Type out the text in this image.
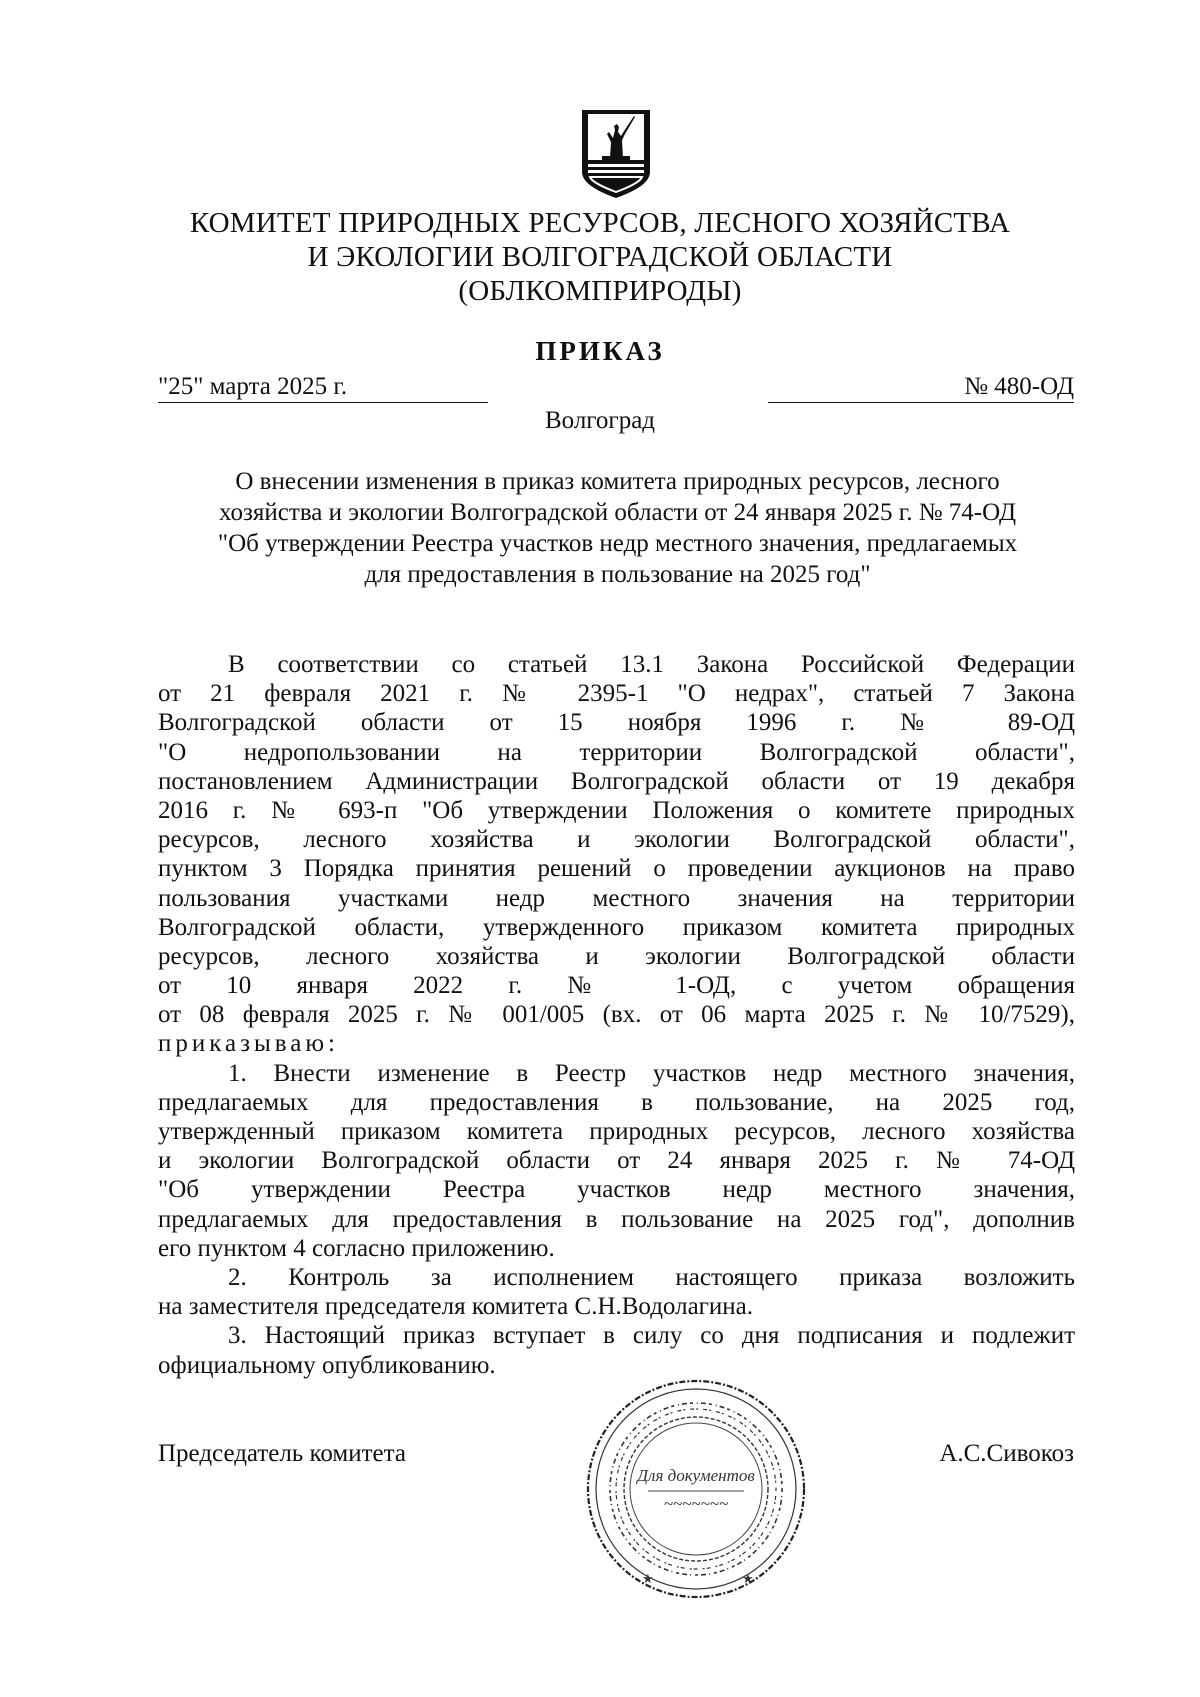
КОМИТЕТ ПРИРОДНЫХ РЕСУРСОВ, ЛЕСНОГО ХОЗЯЙСТВА
И ЭКОЛОГИИ ВОЛГОГРАДСКОЙ ОБЛАСТИ
(ОБЛКОМПРИРОДЫ)
ПРИКАЗ
"25" марта 2025 г.	№ 480-ОД
Волгоград
О внесении изменения в приказ комитета природных ресурсов, лесного
хозяйства и экологии Волгоградской области от 24 января 2025 г. № 74-ОД
"Об утверждении Реестра участков недр местного значения, предлагаемых
для предоставления в пользование на 2025 год"
В соответствии со статьей 13.1 Закона Российской Федерации
от 21 февраля 2021 г. № 2395-1 "О недрах", статьей 7 Закона
Волгоградской области от 15 ноября 1996 г. № 89-ОД
"О недропользовании на территории Волгоградской области",
постановлением Администрации Волгоградской области от 19 декабря
2016 г. № 693-п "Об утверждении Положения о комитете природных
ресурсов, лесного хозяйства и экологии Волгоградской области",
пунктом 3 Порядка принятия решений о проведении аукционов на право
пользования участками недр местного значения на территории
Волгоградской области, утвержденного приказом комитета природных
ресурсов, лесного хозяйства и экологии Волгоградской области
от 10 января 2022 г. № 1-ОД, с учетом обращения
от 08 февраля 2025 г. № 001/005 (вх. от 06 марта 2025 г. № 10/7529),
приказываю:
1. Внести изменение в Реестр участков недр местного значения,
предлагаемых для предоставления в пользование, на 2025 год,
утвержденный приказом комитета природных ресурсов, лесного хозяйства
и экологии Волгоградской области от 24 января 2025 г. № 74-ОД
"Об утверждении Реестра участков недр местного значения,
предлагаемых для предоставления в пользование на 2025 год", дополнив
его пунктом 4 согласно приложению.
2. Контроль за исполнением настоящего приказа возложить
на заместителя председателя комитета С.Н.Водолагина.
3. Настоящий приказ вступает в силу со дня подписания и подлежит
официальному опубликованию.
Председатель комитета	А.С.Сивокоз
Для документов
~~~~~~~
★	★
